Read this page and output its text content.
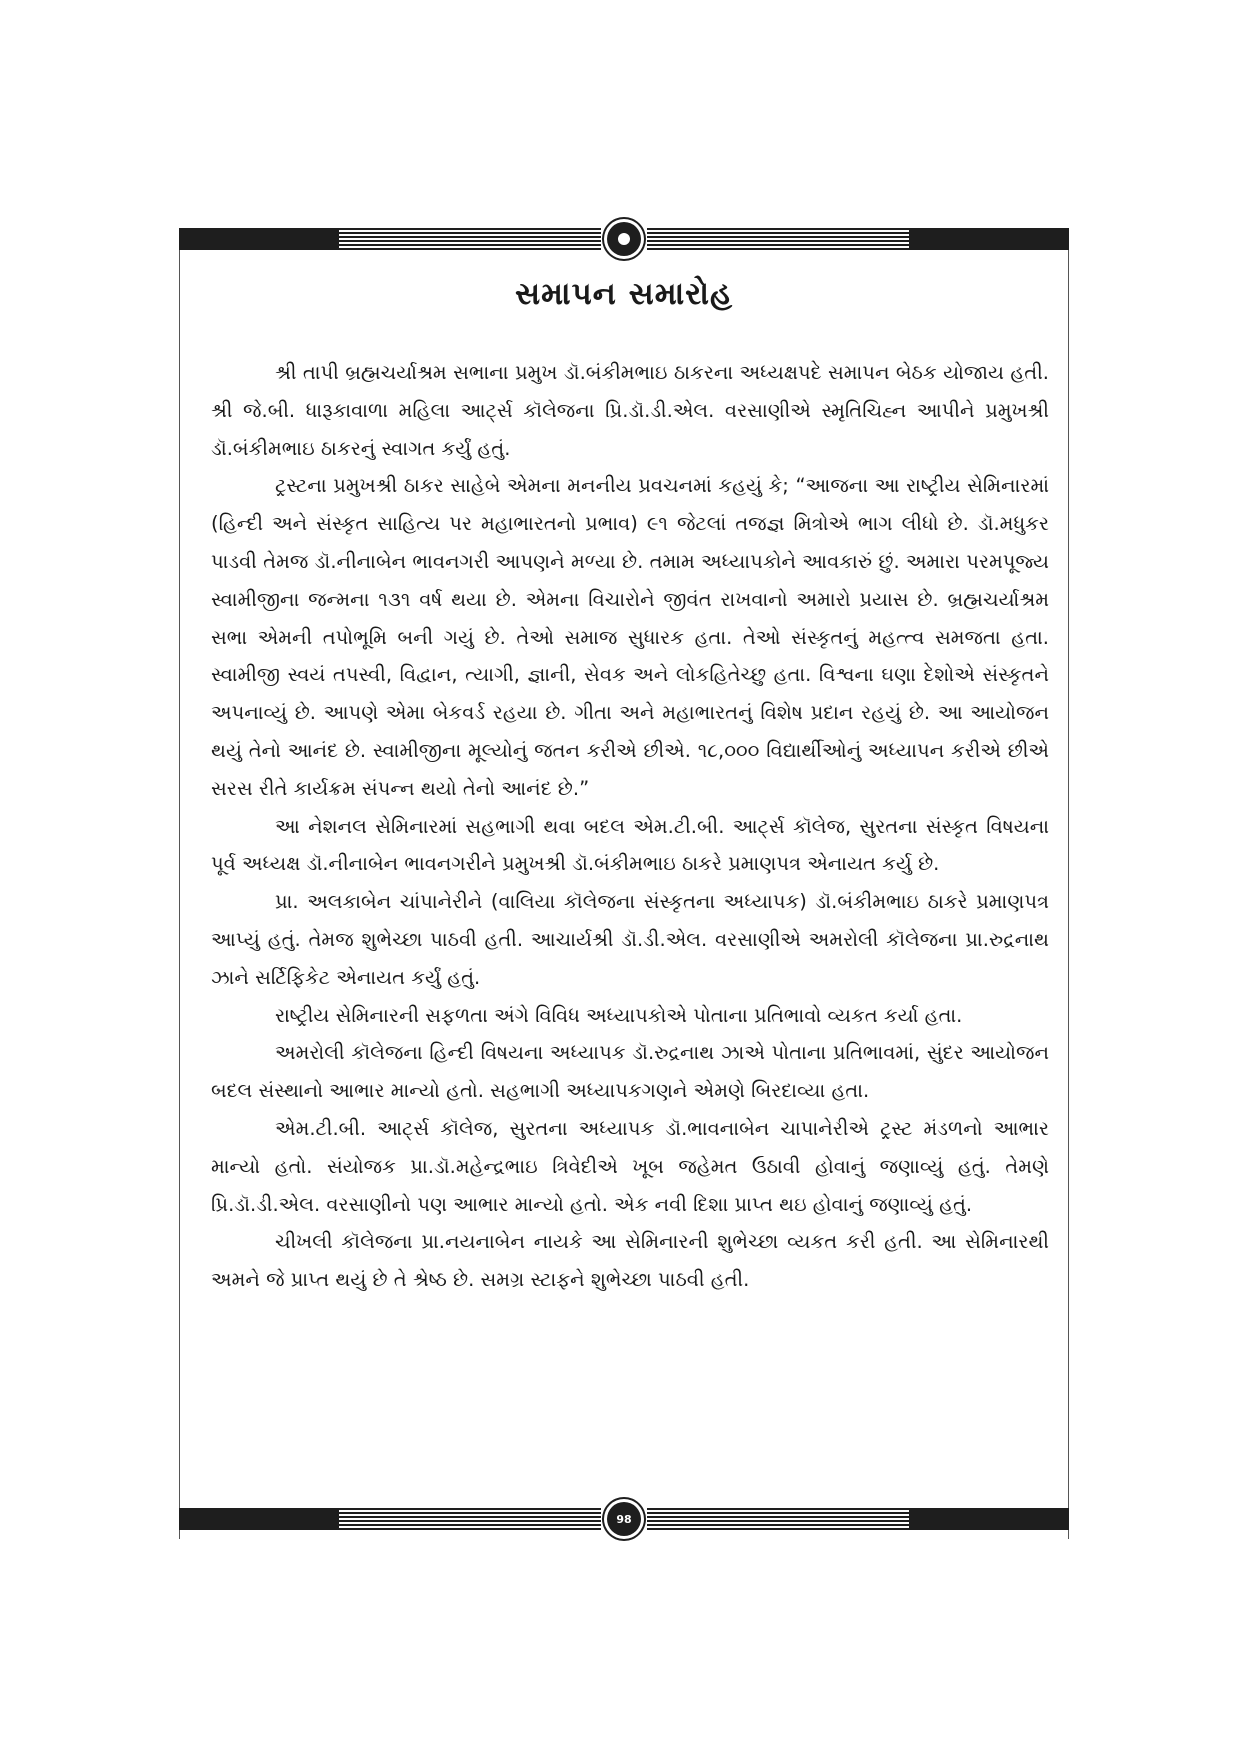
સમાપન સમારોહ

શ્રી તાપી બ્રહ્મચર્યાશ્રમ સભાના પ્રમુખ ડૉ.બંકીમભાઇ ઠાકરના અધ્યક્ષપદે સમાપન બેઠક યોજાય હતી. શ્રી જે.બી. ધારૂકાવાળા મહિલા આર્ટ્સ કૉલેજના પ્રિ.ડૉ.ડી.એલ. વરસાણીએ સ્મૃતિચિહ્ન આપીને પ્રમુખશ્રી ડૉ.બંકીમભાઇ ઠાકરનું સ્વાગત કર્યું હતું.

ટ્રસ્ટના પ્રમુખશ્રી ઠાકર સાહેબે એમના મનનીય પ્રવચનમાં કહયું કે; “આજના આ રાષ્ટ્રીય સેમિનારમાં (હિન્દી અને સંસ્કૃત સાહિત્ય પર મહાભારતનો પ્રભાવ) ૯૧ જેટલાં તજજ્ઞ મિત્રોએ ભાગ લીધો છે. ડૉ.મધુકર પાડવી તેમજ ડૉ.નીનાબેન ભાવનગરી આપણને મળ્યા છે. તમામ અધ્યાપકોને આવકારું છું. અમારા પરમપૂજ્ય સ્વામીજીના જન્મના ૧૩૧ વર્ષ થયા છે. એમના વિચારોને જીવંત રાખવાનો અમારો પ્રયાસ છે. બ્રહ્મચર્યાશ્રમ સભા એમની તપોભૂમિ બની ગયું છે. તેઓ સમાજ સુધારક હતા. તેઓ સંસ્કૃતનું મહત્ત્વ સમજતા હતા. સ્વામીજી સ્વયં તપસ્વી, વિદ્વાન, ત્યાગી, જ્ઞાની, સેવક અને લોકહિતેચ્છુ હતા. વિશ્વના ઘણા દેશોએ સંસ્કૃતને અપનાવ્યું છે. આપણે એમા બેકવર્ડ રહયા છે. ગીતા અને મહાભારતનું વિશેષ પ્રદાન રહયું છે. આ આયોજન થયું તેનો આનંદ છે. સ્વામીજીના મૂલ્યોનું જતન કરીએ છીએ. ૧૮,૦૦૦ વિદ્યાર્થીઓનું અધ્યાપન કરીએ છીએ સરસ રીતે કાર્યક્રમ સંપન્ન થયો તેનો આનંદ છે.”

આ નેશનલ સેમિનારમાં સહભાગી થવા બદલ એમ.ટી.બી. આર્ટ્સ કૉલેજ, સુરતના સંસ્કૃત વિષયના પૂર્વ અધ્યક્ષ ડૉ.નીનાબેન ભાવનગરીને પ્રમુખશ્રી ડૉ.બંકીમભાઇ ઠાકરે પ્રમાણપત્ર એનાયત કર્યુ છે.

પ્રા. અલકાબેન ચાંપાનેરીને (વાલિયા કૉલેજના સંસ્કૃતના અધ્યાપક) ડૉ.બંકીમભાઇ ઠાકરે પ્રમાણપત્ર આપ્યું હતું. તેમજ શુભેચ્છા પાઠવી હતી. આચાર્યશ્રી ડૉ.ડી.એલ. વરસાણીએ અમરોલી કૉલેજના પ્રા.રુદ્રનાથ ઝાને સર્ટિફિકેટ એનાયત કર્યું હતું.

રાષ્ટ્રીય સેમિનારની સફળતા અંગે વિવિધ અધ્યાપકોએ પોતાના પ્રતિભાવો વ્યકત કર્યા હતા.

અમરોલી કૉલેજના હિન્દી વિષયના અધ્યાપક ડૉ.રુદ્રનાથ ઝાએ પોતાના પ્રતિભાવમાં, સુંદર આયોજન બદલ સંસ્થાનો આભાર માન્યો હતો. સહભાગી અધ્યાપકગણને એમણે બિરદાવ્યા હતા.

એમ.ટી.બી. આર્ટ્સ કૉલેજ, સુરતના અધ્યાપક ડૉ.ભાવનાબેન ચાપાનેરીએ ટ્રસ્ટ મંડળનો આભાર માન્યો હતો. સંયોજક પ્રા.ડૉ.મહેન્દ્રભાઇ ત્રિવેદીએ ખૂબ જહેમત ઉઠાવી હોવાનું જણાવ્યું હતું. તેમણે પ્રિ.ડૉ.ડી.એલ. વરસાણીનો પણ આભાર માન્યો હતો. એક નવી દિશા પ્રાપ્ત થઇ હોવાનું જણાવ્યું હતું.

ચીખલી કૉલેજના પ્રા.નયનાબેન નાયકે આ સેમિનારની શુભેચ્છા વ્યકત કરી હતી. આ સેમિનારથી અમને જે પ્રાપ્ત થયું છે તે શ્રેષ્ઠ છે. સમગ્ર સ્ટાફને શુભેચ્છા પાઠવી હતી.

98
